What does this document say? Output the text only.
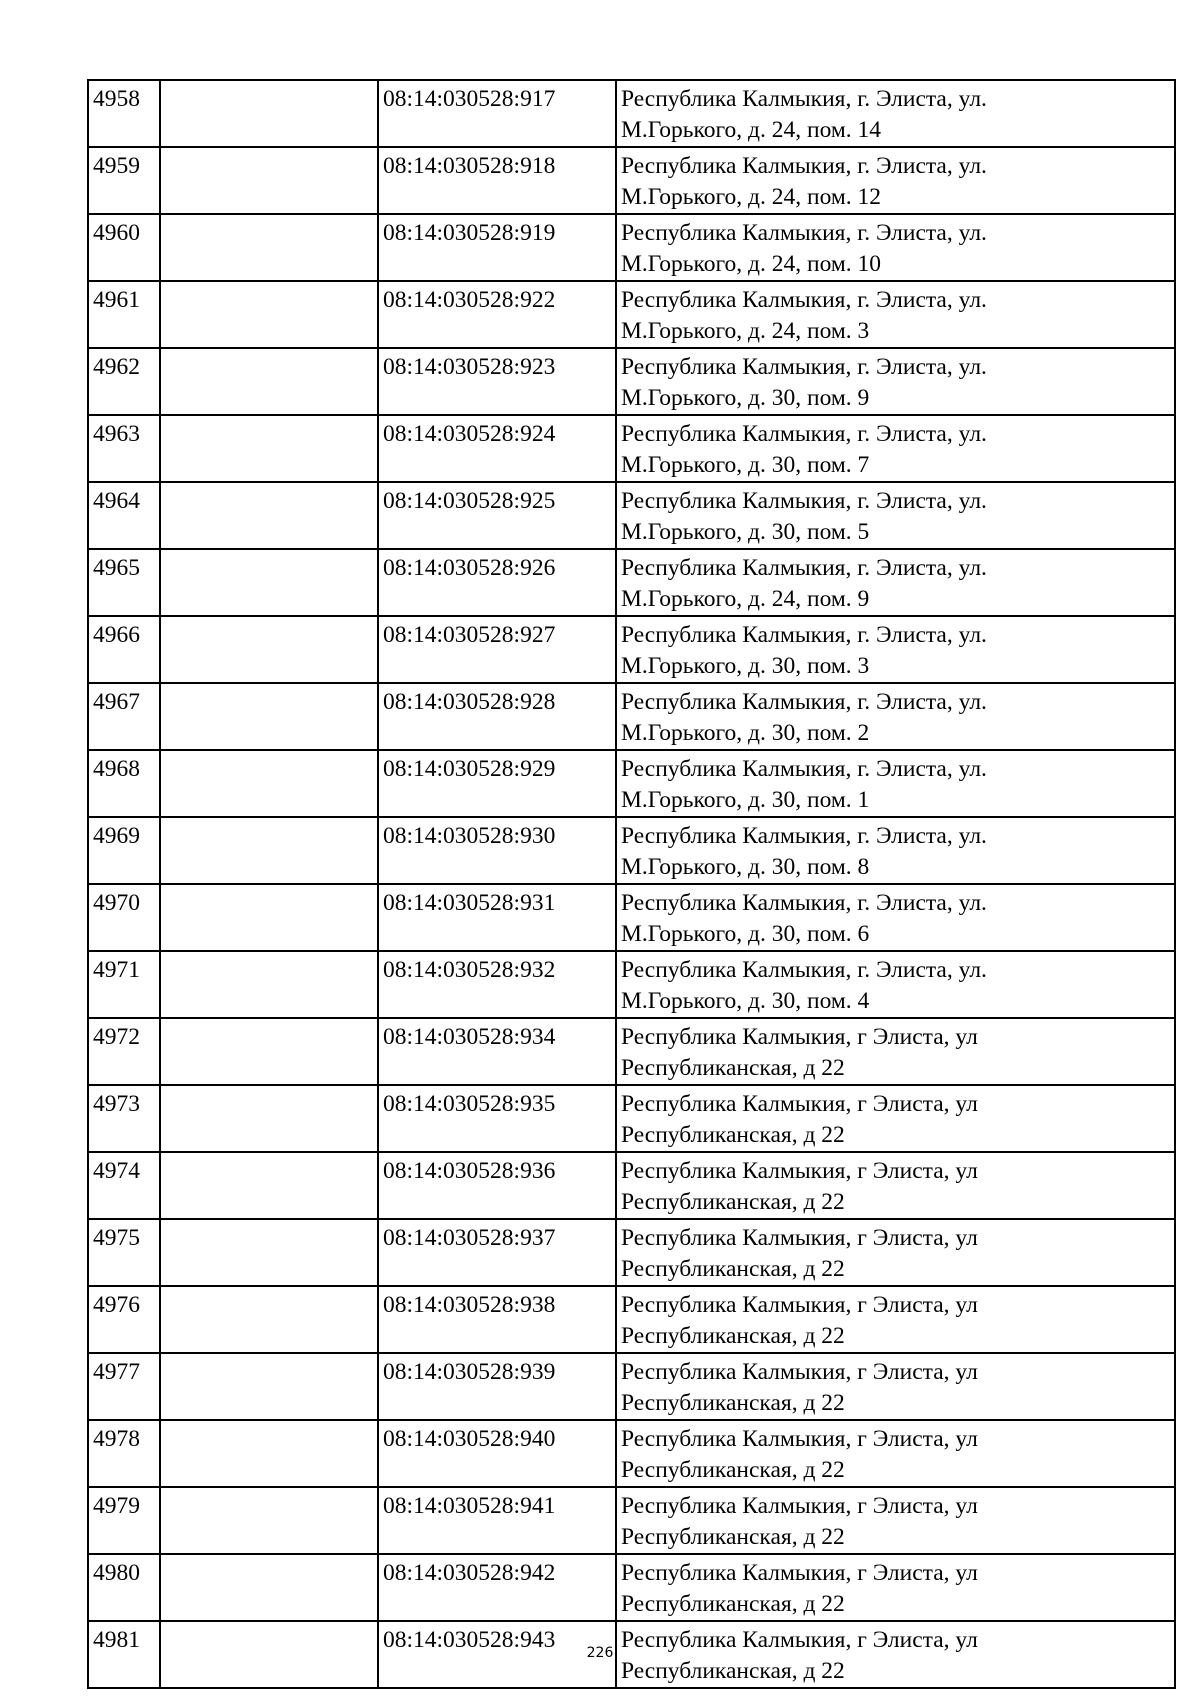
4958		08:14:030528:917	Республика Калмыкия, г. Элиста, ул.
М.Горького, д. 24, пом. 14

4959		08:14:030528:918	Республика Калмыкия, г. Элиста, ул.
М.Горького, д. 24, пом. 12

4960		08:14:030528:919	Республика Калмыкия, г. Элиста, ул.
М.Горького, д. 24, пом. 10

4961		08:14:030528:922	Республика Калмыкия, г. Элиста, ул.
М.Горького, д. 24, пом. 3

4962		08:14:030528:923	Республика Калмыкия, г. Элиста, ул.
М.Горького, д. 30, пом. 9

4963		08:14:030528:924	Республика Калмыкия, г. Элиста, ул.
М.Горького, д. 30, пом. 7

4964		08:14:030528:925	Республика Калмыкия, г. Элиста, ул.
М.Горького, д. 30, пом. 5

4965		08:14:030528:926	Республика Калмыкия, г. Элиста, ул.
М.Горького, д. 24, пом. 9

4966		08:14:030528:927	Республика Калмыкия, г. Элиста, ул.
М.Горького, д. 30, пом. 3

4967		08:14:030528:928	Республика Калмыкия, г. Элиста, ул.
М.Горького, д. 30, пом. 2

4968		08:14:030528:929	Республика Калмыкия, г. Элиста, ул.
М.Горького, д. 30, пом. 1

4969		08:14:030528:930	Республика Калмыкия, г. Элиста, ул.
М.Горького, д. 30, пом. 8

4970		08:14:030528:931	Республика Калмыкия, г. Элиста, ул.
М.Горького, д. 30, пом. 6

4971		08:14:030528:932	Республика Калмыкия, г. Элиста, ул.
М.Горького, д. 30, пом. 4

4972		08:14:030528:934	Республика Калмыкия, г Элиста, ул
Республиканская, д 22

4973		08:14:030528:935	Республика Калмыкия, г Элиста, ул
Республиканская, д 22

4974		08:14:030528:936	Республика Калмыкия, г Элиста, ул
Республиканская, д 22

4975		08:14:030528:937	Республика Калмыкия, г Элиста, ул
Республиканская, д 22

4976		08:14:030528:938	Республика Калмыкия, г Элиста, ул
Республиканская, д 22

4977		08:14:030528:939	Республика Калмыкия, г Элиста, ул
Республиканская, д 22

4978		08:14:030528:940	Республика Калмыкия, г Элиста, ул
Республиканская, д 22

4979		08:14:030528:941	Республика Калмыкия, г Элиста, ул
Республиканская, д 22

4980		08:14:030528:942	Республика Калмыкия, г Элиста, ул
Республиканская, д 22

4981		08:14:030528:943	Республика Калмыкия, г Элиста, ул
Республиканская, д 22
226
